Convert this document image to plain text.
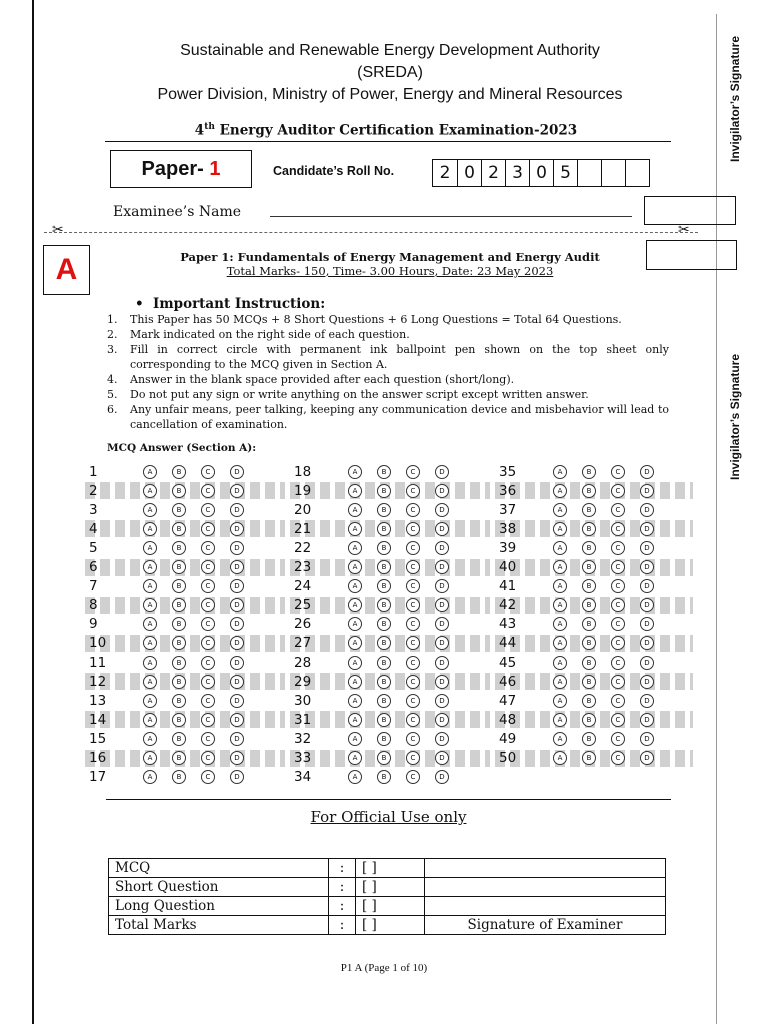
Sustainable and Renewable Energy Development Authority
(SREDA)
Power Division, Ministry of Power, Energy and Mineral Resources
4th Energy Auditor Certification Examination-2023
Paper- 1	Candidate’s Roll No.	2 0 2 3 0 5
Examinee’s Name
✂	✂
A	Paper 1: Fundamentals of Energy Management and Energy Audit
Total Marks- 150, Time- 3.00 Hours, Date: 23 May 2023
•  Important Instruction:
1.	This Paper has 50 MCQs + 8 Short Questions + 6 Long Questions = Total 64 Questions.
2.	Mark indicated on the right side of each question.
3.	Fill in correct circle with permanent ink ballpoint pen shown on the top sheet only corresponding to the MCQ given in Section A.
4.	Answer in the blank space provided after each question (short/long).
5.	Do not put any sign or write anything on the answer script except written answer.
6.	Any unfair means, peer talking, keeping any communication device and misbehavior will lead to cancellation of examination.
MCQ Answer (Section A):
1	A	B	C	D
2	A	B	C	D
3	A	B	C	D
4	A	B	C	D
5	A	B	C	D
6	A	B	C	D
7	A	B	C	D
8	A	B	C	D
9	A	B	C	D
10	A	B	C	D
11	A	B	C	D
12	A	B	C	D
13	A	B	C	D
14	A	B	C	D
15	A	B	C	D
16	A	B	C	D
17	A	B	C	D
18	A	B	C	D
19	A	B	C	D
20	A	B	C	D
21	A	B	C	D
22	A	B	C	D
23	A	B	C	D
24	A	B	C	D
25	A	B	C	D
26	A	B	C	D
27	A	B	C	D
28	A	B	C	D
29	A	B	C	D
30	A	B	C	D
31	A	B	C	D
32	A	B	C	D
33	A	B	C	D
34	A	B	C	D
35	A	B	C	D
36	A	B	C	D
37	A	B	C	D
38	A	B	C	D
39	A	B	C	D
40	A	B	C	D
41	A	B	C	D
42	A	B	C	D
43	A	B	C	D
44	A	B	C	D
45	A	B	C	D
46	A	B	C	D
47	A	B	C	D
48	A	B	C	D
49	A	B	C	D
50	A	B	C	D
For Official Use only
MCQ	:	[ ]	
Short Question	:	[ ]	
Long Question	:	[ ]	
Total Marks	:	[ ]	Signature of Examiner
P1 A (Page 1 of 10)
Invigilator’s Signature
Invigilator’s Signature
